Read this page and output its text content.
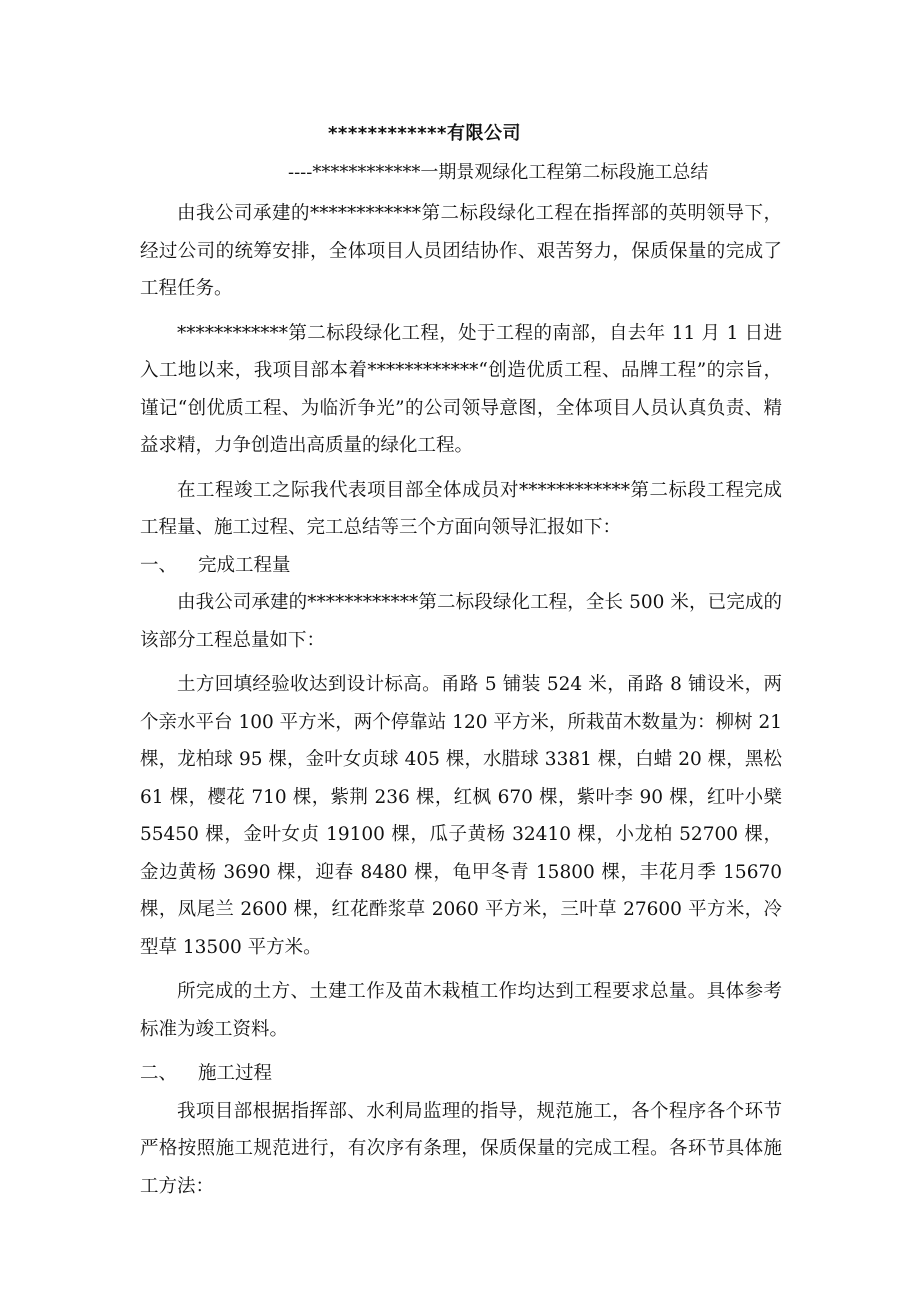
************有限公司
----************一期景观绿化工程第二标段施工总结

由我公司承建的************第二标段绿化工程在指挥部的英明领导下，经过公司的统筹安排，全体项目人员团结协作、艰苦努力，保质保量的完成了工程任务。

************第二标段绿化工程，处于工程的南部，自去年 11 月 1 日进入工地以来，我项目部本着************“创造优质工程、品牌工程”的宗旨，谨记“创优质工程、为临沂争光”的公司领导意图，全体项目人员认真负责、精益求精，力争创造出高质量的绿化工程。

在工程竣工之际我代表项目部全体成员对************第二标段工程完成工程量、施工过程、完工总结等三个方面向领导汇报如下：

一、 完成工程量

由我公司承建的************第二标段绿化工程，全长 500 米，已完成的该部分工程总量如下：

土方回填经验收达到设计标高。甬路 5 铺装 524 米，甬路 8 铺设米，两个亲水平台 100 平方米，两个停靠站 120 平方米，所栽苗木数量为：柳树 21 棵，龙柏球 95 棵，金叶女贞球 405 棵，水腊球 3381 棵，白蜡 20 棵，黑松 61 棵，樱花 710 棵，紫荆 236 棵，红枫 670 棵，紫叶李 90 棵，红叶小檗 55450 棵，金叶女贞 19100 棵，瓜子黄杨 32410 棵，小龙柏 52700 棵，金边黄杨 3690 棵，迎春 8480 棵，龟甲冬青 15800 棵，丰花月季 15670 棵，凤尾兰 2600 棵，红花酢浆草 2060 平方米，三叶草 27600 平方米，冷型草 13500 平方米。

所完成的土方、土建工作及苗木栽植工作均达到工程要求总量。具体参考标准为竣工资料。

二、 施工过程

我项目部根据指挥部、水利局监理的指导，规范施工，各个程序各个环节严格按照施工规范进行，有次序有条理，保质保量的完成工程。各环节具体施工方法：
